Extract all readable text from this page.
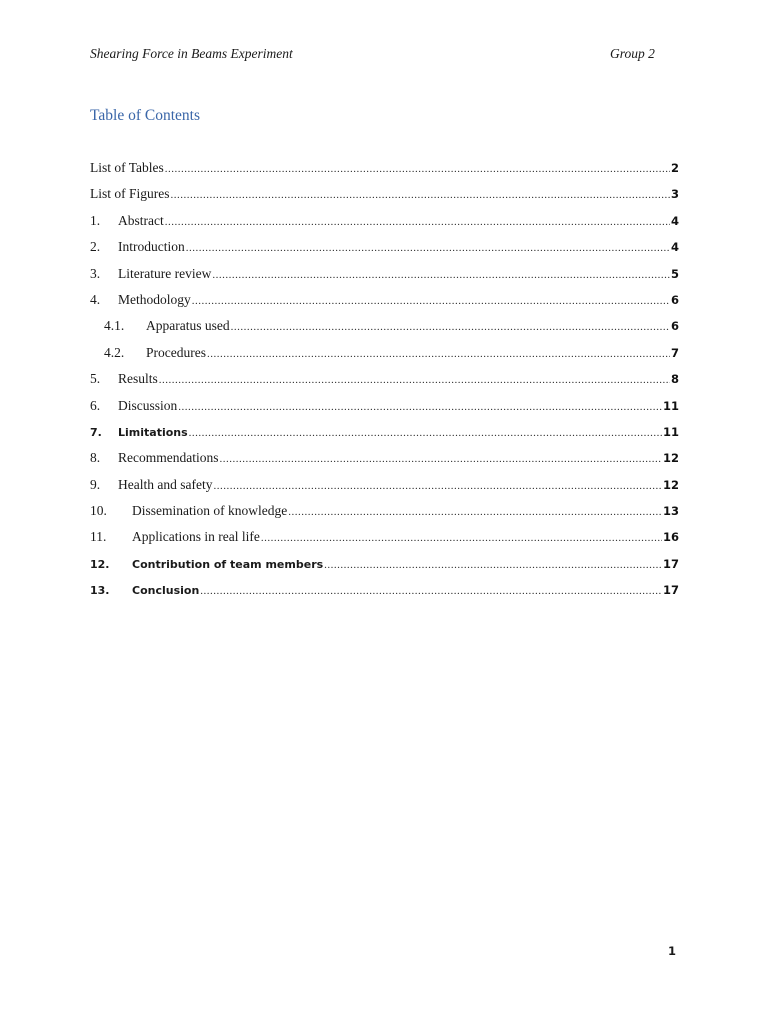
Shearing Force in Beams Experiment	Group 2
Table of Contents
List of Tables .....	2
List of Figures .....	3
1.	Abstract .....	4
2.	Introduction .....	4
3.	Literature review .....	5
4.	Methodology .....	6
4.1.	Apparatus used .....	6
4.2.	Procedures .....	7
5.	Results .....	8
6.	Discussion .....	11
7.	Limitations .....	11
8.	Recommendations .....	12
9.	Health and safety .....	12
10.	Dissemination of knowledge .....	13
11.	Applications in real life .....	16
12.	Contribution of team members .....	17
13.	Conclusion .....	17
1
